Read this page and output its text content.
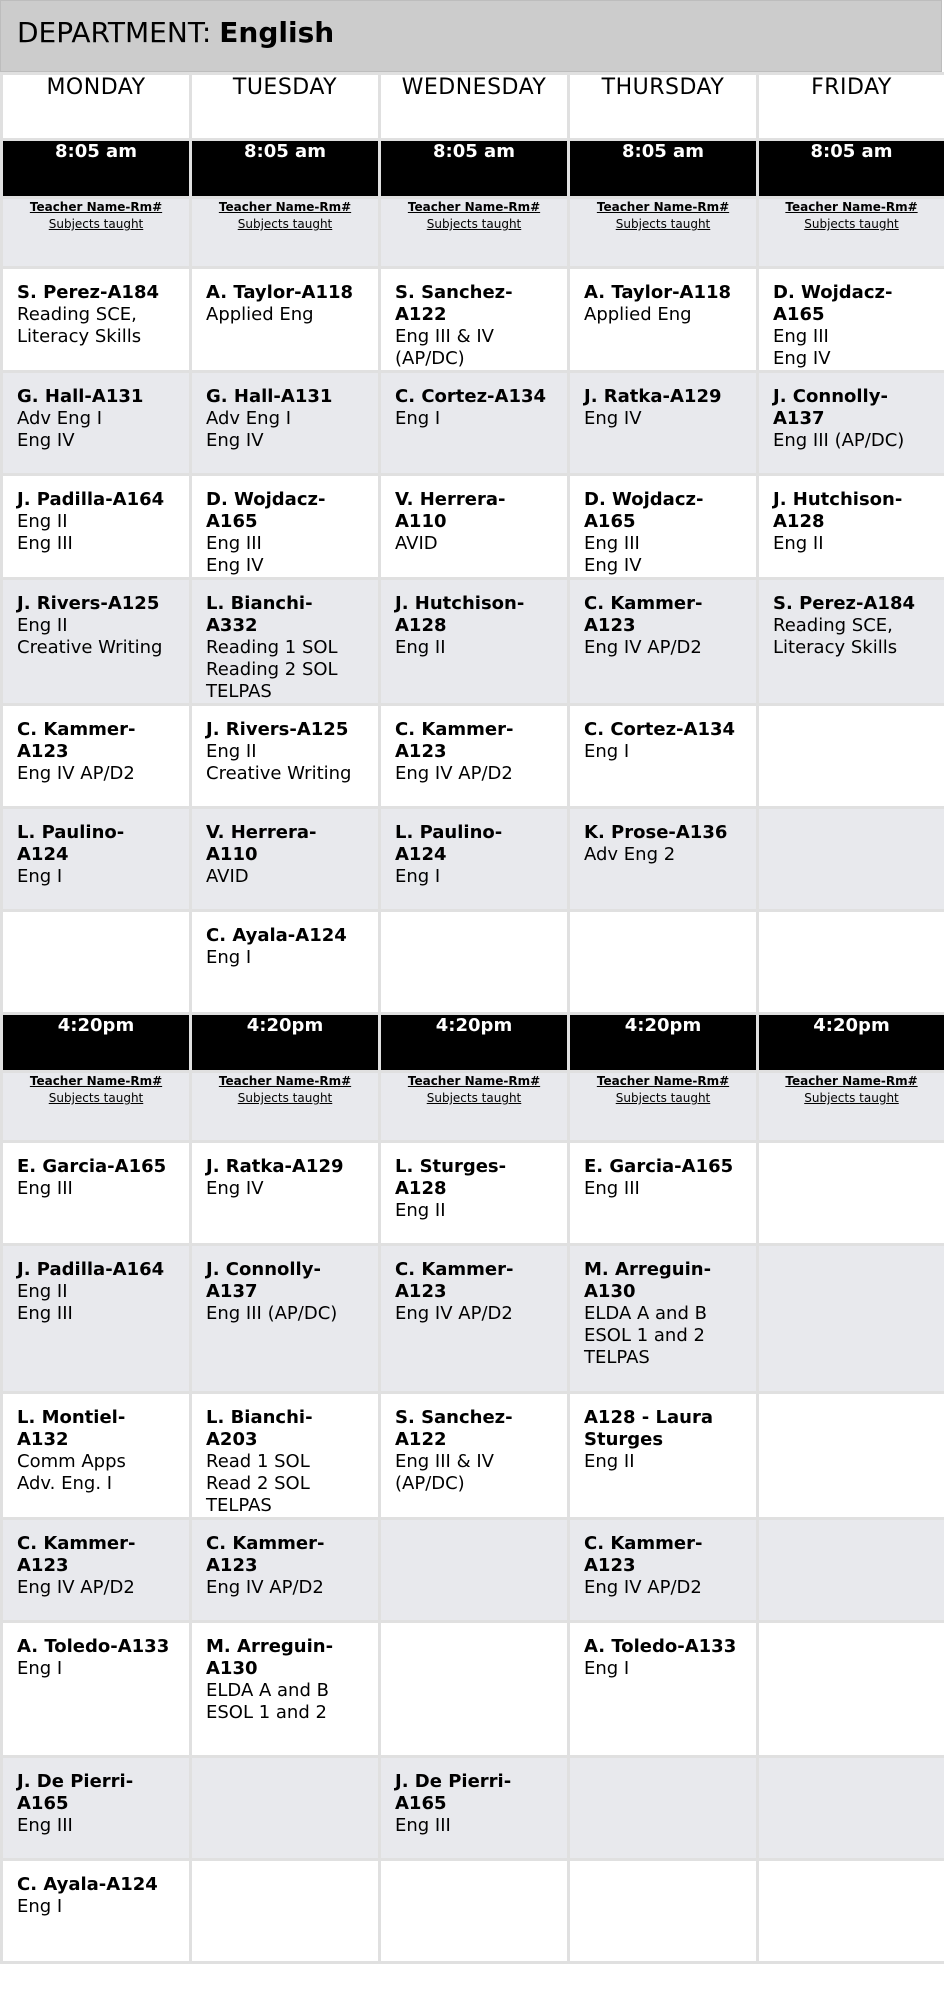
DEPARTMENT: English
MONDAY	TUESDAY	WEDNESDAY	THURSDAY	FRIDAY
8:05 am	8:05 am	8:05 am	8:05 am	8:05 am

Teacher Name-Rm#
Subjects taught	Teacher Name-Rm#
Subjects taught	Teacher Name-Rm#
Subjects taught	Teacher Name-Rm#
Subjects taught	Teacher Name-Rm#
Subjects taught

S. Perez-A184
Reading SCE,
Literacy Skills	A. Taylor-A118
Applied Eng	S. Sanchez-A122
Eng III & IV
(AP/DC)	A. Taylor-A118
Applied Eng	D. Wojdacz-A165
Eng III
Eng IV

G. Hall-A131
Adv Eng I
Eng IV	G. Hall-A131
Adv Eng I
Eng IV	C. Cortez-A134
Eng I	J. Ratka-A129
Eng IV	J. Connolly-A137
Eng III (AP/DC)

J. Padilla-A164
Eng II
Eng III	D. Wojdacz-A165
Eng III
Eng IV	V. Herrera-A110
AVID	D. Wojdacz-A165
Eng III
Eng IV	J. Hutchison-A128
Eng II

J. Rivers-A125
Eng II
Creative Writing	L. Bianchi-A332
Reading 1 SOL
Reading 2 SOL
TELPAS	J. Hutchison-A128
Eng II	C. Kammer-A123
Eng IV AP/D2	S. Perez-A184
Reading SCE,
Literacy Skills

C. Kammer-A123
Eng IV AP/D2	J. Rivers-A125
Eng II
Creative Writing	C. Kammer-A123
Eng IV AP/D2	C. Cortez-A134
Eng I	

L. Paulino-A124
Eng I	V. Herrera-A110
AVID	L. Paulino-A124
Eng I	K. Prose-A136
Adv Eng 2	

	C. Ayala-A124
Eng I			

4:20pm	4:20pm	4:20pm	4:20pm	4:20pm

Teacher Name-Rm#
Subjects taught	Teacher Name-Rm#
Subjects taught	Teacher Name-Rm#
Subjects taught	Teacher Name-Rm#
Subjects taught	Teacher Name-Rm#
Subjects taught

E. Garcia-A165
Eng III	J. Ratka-A129
Eng IV	L. Sturges-A128
Eng II	E. Garcia-A165
Eng III	

J. Padilla-A164
Eng II
Eng III	J. Connolly-A137
Eng III (AP/DC)	C. Kammer-A123
Eng IV AP/D2	M. Arreguin-A130
ELDA A and B
ESOL 1 and 2
TELPAS	

L. Montiel-A132
Comm Apps
Adv. Eng. I	L. Bianchi-A203
Read 1 SOL
Read 2 SOL
TELPAS	S. Sanchez-A122
Eng III & IV
(AP/DC)	A128 - Laura Sturges
Eng II	

C. Kammer-A123
Eng IV AP/D2	C. Kammer-A123
Eng IV AP/D2		C. Kammer-A123
Eng IV AP/D2	

A. Toledo-A133
Eng I	M. Arreguin-A130
ELDA A and B
ESOL 1 and 2		A. Toledo-A133
Eng I	

J. De Pierri-A165
Eng III		J. De Pierri-A165
Eng III		

C. Ayala-A124
Eng I				
